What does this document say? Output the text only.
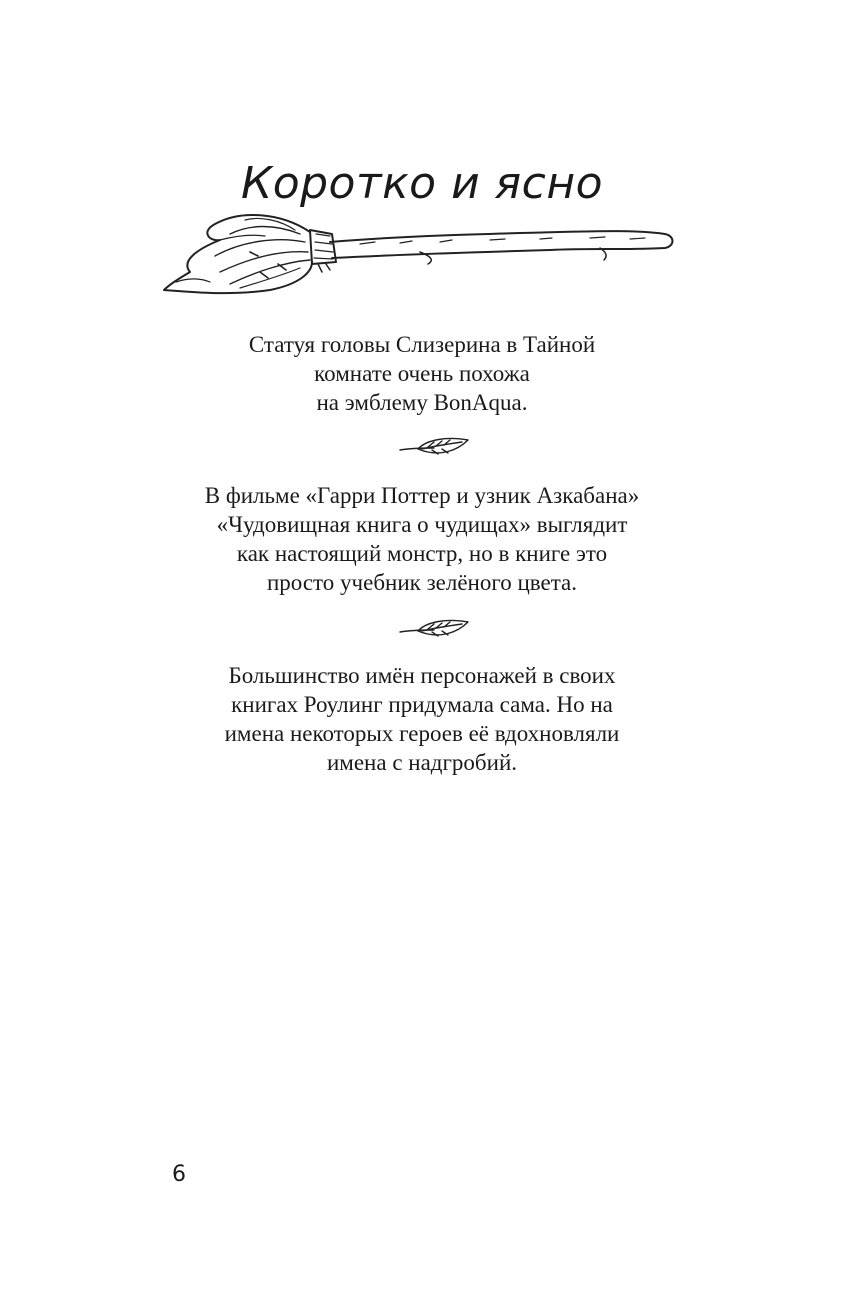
Коротко и ясно
Статуя головы Слизерина в Тайной
комнате очень похожа
на эмблему BonAqua.
В фильме «Гарри Поттер и узник Азкабана»
«Чудовищная книга о чудищах» выглядит
как настоящий монстр, но в книге это
просто учебник зелёного цвета.
Большинство имён персонажей в своих
книгах Роулинг придумала сама. Но на
имена некоторых героев её вдохновляли
имена с надгробий.
6
